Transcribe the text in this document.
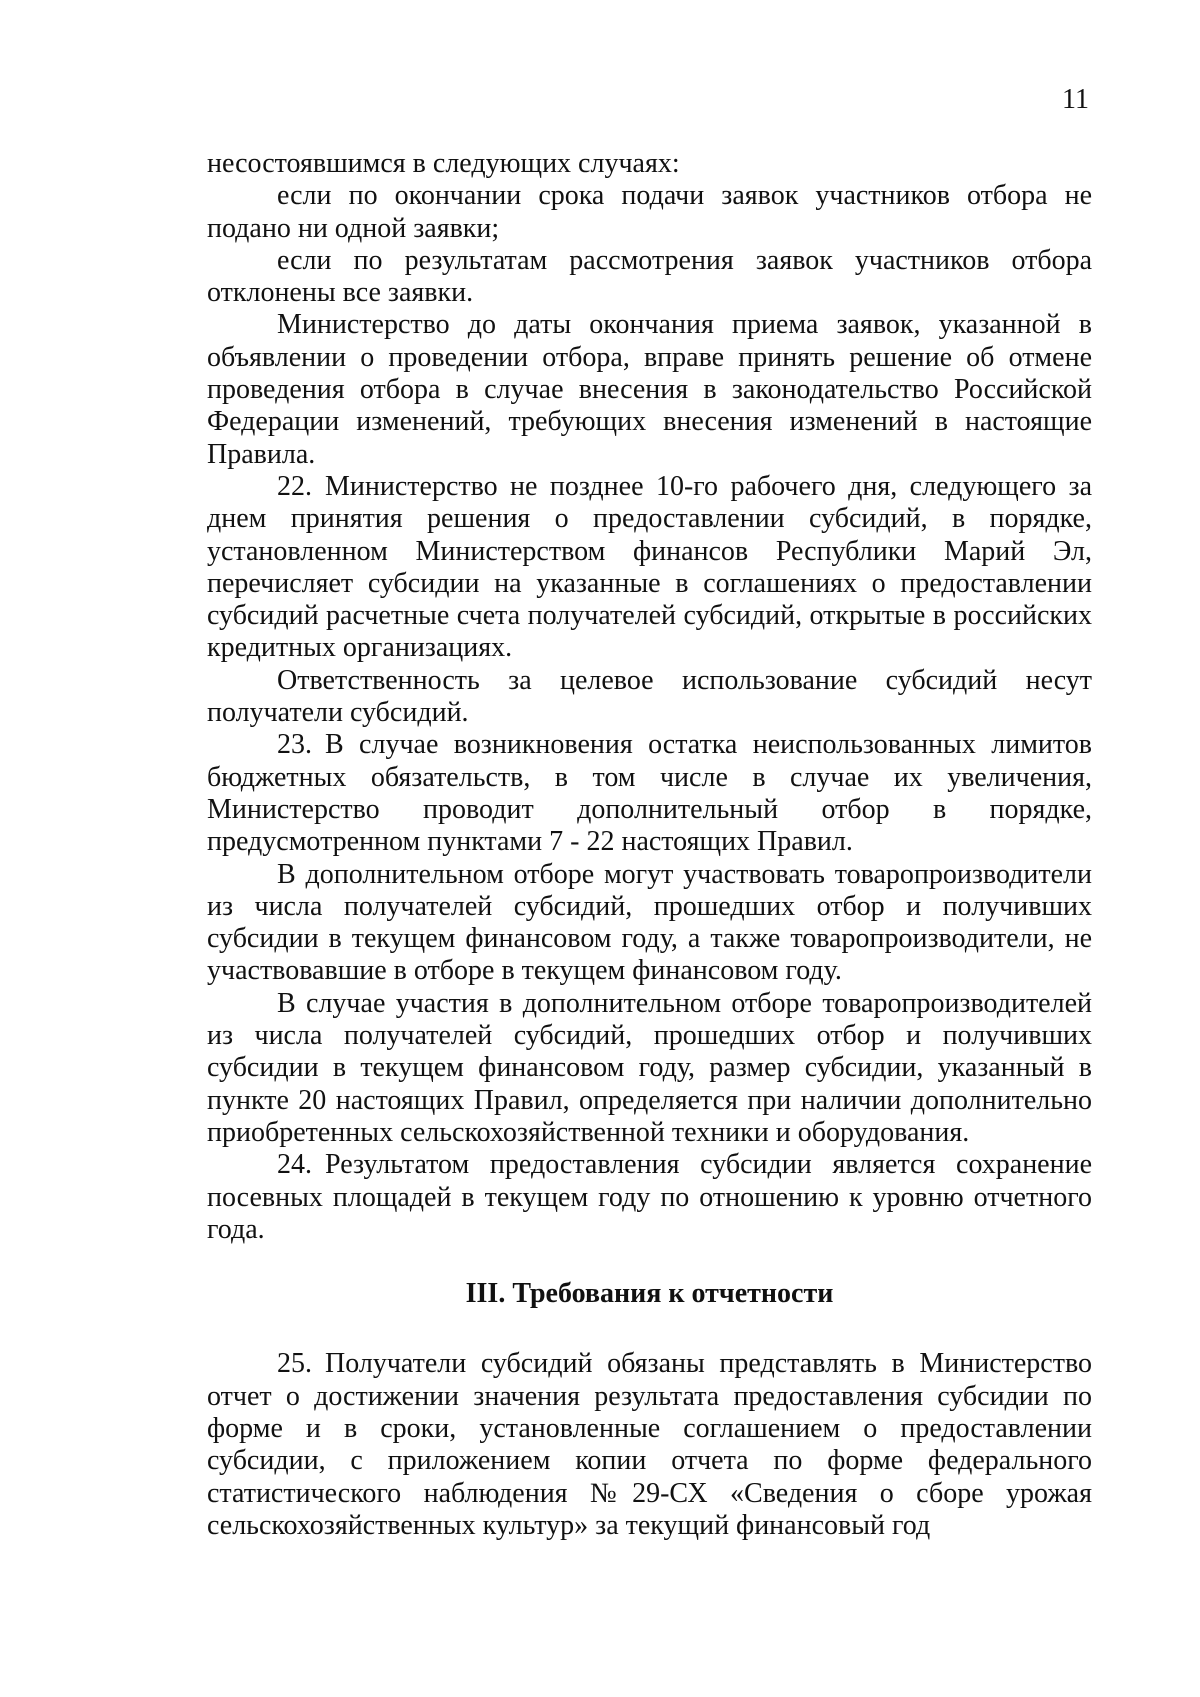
11

несостоявшимся в следующих случаях:

если по окончании срока подачи заявок участников отбора не подано ни одной заявки;

если по результатам рассмотрения заявок участников отбора отклонены все заявки.

Министерство до даты окончания приема заявок, указанной в объявлении о проведении отбора, вправе принять решение об отмене проведения отбора в случае внесения в законодательство Российской Федерации изменений, требующих внесения изменений в настоящие Правила.

22. Министерство не позднее 10-го рабочего дня, следующего за днем принятия решения о предоставлении субсидий, в порядке, установленном Министерством финансов Республики Марий Эл, перечисляет субсидии на указанные в соглашениях о предоставлении субсидий расчетные счета получателей субсидий, открытые в российских кредитных организациях.

Ответственность за целевое использование субсидий несут получатели субсидий.

23. В случае возникновения остатка неиспользованных лимитов бюджетных обязательств, в том числе в случае их увеличения, Министерство проводит дополнительный отбор в порядке, предусмотренном пунктами 7 - 22 настоящих Правил.

В дополнительном отборе могут участвовать товаропроизводители из числа получателей субсидий, прошедших отбор и получивших субсидии в текущем финансовом году, а также товаропроизводители, не участвовавшие в отборе в текущем финансовом году.

В случае участия в дополнительном отборе товаропроизводителей из числа получателей субсидий, прошедших отбор и получивших субсидии в текущем финансовом году, размер субсидии, указанный в пункте 20 настоящих Правил, определяется при наличии дополнительно приобретенных сельскохозяйственной техники и оборудования.

24. Результатом предоставления субсидии является сохранение посевных площадей в текущем году по отношению к уровню отчетного года.

III. Требования к отчетности

25. Получатели субсидий обязаны представлять в Министерство отчет о достижении значения результата предоставления субсидии по форме и в сроки, установленные соглашением о предоставлении субсидии, с приложением копии отчета по форме федерального статистического наблюдения №29-СХ «Сведения о сборе урожая сельскохозяйственных культур» за текущий финансовый год
